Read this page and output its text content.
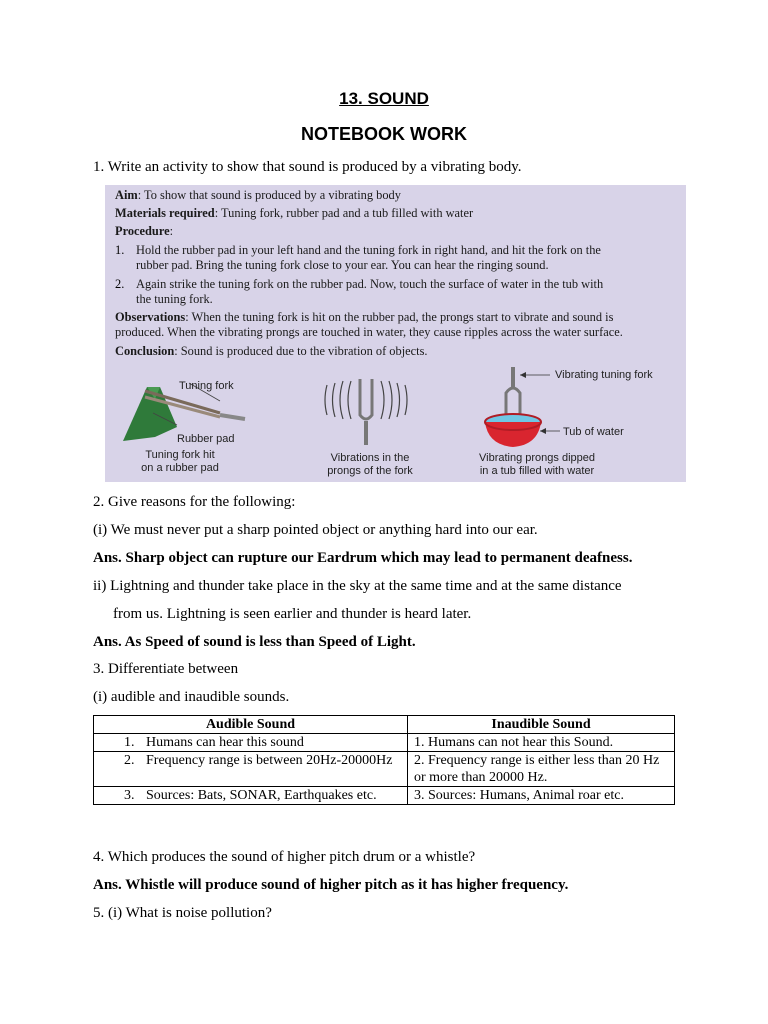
13. SOUND
NOTEBOOK WORK
1. Write an activity to show that sound is produced by a vibrating body.
Aim: To show that sound is produced by a vibrating body
Materials required: Tuning fork, rubber pad and a tub filled with water
Procedure:
1. Hold the rubber pad in your left hand and the tuning fork in right hand, and hit the fork on the
rubber pad. Bring the tuning fork close to your ear. You can hear the ringing sound.
2. Again strike the tuning fork on the rubber pad. Now, touch the surface of water in the tub with
the tuning fork.
Observations: When the tuning fork is hit on the rubber pad, the prongs start to vibrate and sound is
produced. When the vibrating prongs are touched in water, they cause ripples across the water surface.
Conclusion: Sound is produced due to the vibration of objects.
Tuning fork
Rubber pad
Tuning fork hit
on a rubber pad
Vibrations in the
prongs of the fork
Vibrating tuning fork
Tub of water
Vibrating prongs dipped
in a tub filled with water
2. Give reasons for the following:
(i) We must never put a sharp pointed object or anything hard into our ear.
Ans. Sharp object can rupture our Eardrum which may lead to permanent deafness.
ii) Lightning and thunder take place in the sky at the same time and at the same distance
from us. Lightning is seen earlier and thunder is heard later.
Ans. As Speed of sound is less than Speed of Light.
3. Differentiate between
(i) audible and inaudible sounds.
Audible Sound	Inaudible Sound

1. Humans can hear this sound	1. Humans can not hear this Sound.

2. Frequency range is between 20Hz-20000Hz	2. Frequency range is either less than 20 Hz or more than 20000 Hz.

3. Sources: Bats, SONAR, Earthquakes etc.	3. Sources: Humans, Animal roar etc.
4. Which produces the sound of higher pitch drum or a whistle?
Ans. Whistle will produce sound of higher pitch as it has higher frequency.
5. (i) What is noise pollution?
